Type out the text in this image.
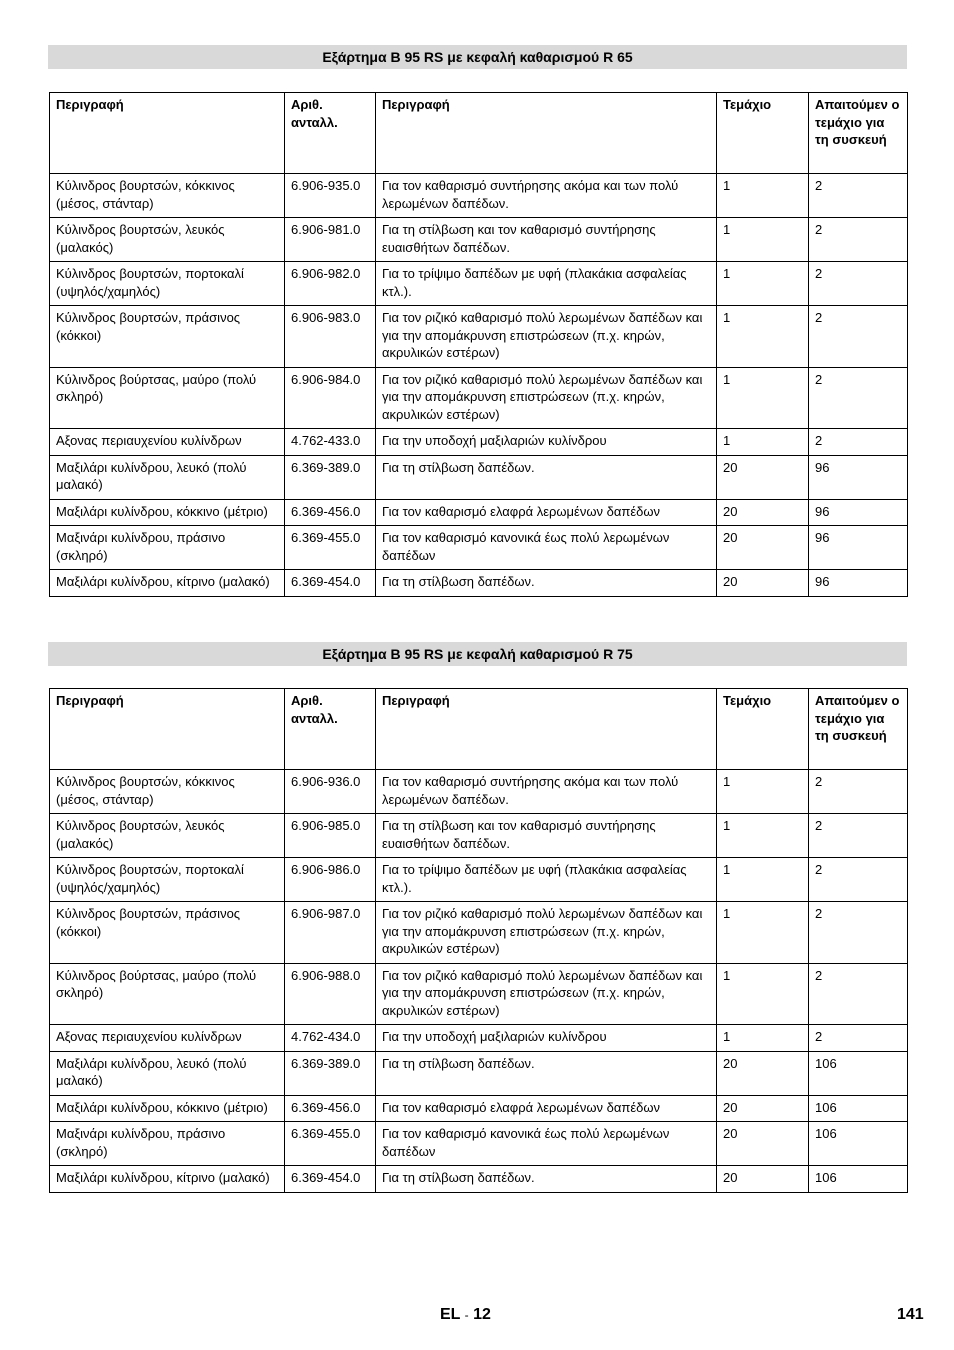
Εξάρτημα B 95 RS με κεφαλή καθαρισμού R 65
Περιγραφή	Αριθ. ανταλλ.	Περιγραφή	Τεμάχιο	Απαιτούμεν ο τεμάχιο για τη συσκευή
Κύλινδρος βουρτσών, κόκκινος (μέσος, στάνταρ)	6.906-935.0	Για τον καθαρισμό συντήρησης ακόμα και των πολύ λερωμένων δαπέδων.	1	2
Κύλινδρος βουρτσών, λευκός (μαλακός)	6.906-981.0	Για τη στίλβωση και τον καθαρισμό συντήρησης ευαισθήτων δαπέδων.	1	2
Κύλινδρος βουρτσών, πορτοκαλί (υψηλός/χαμηλός)	6.906-982.0	Για το τρίψιμο δαπέδων με υφή (πλακάκια ασφαλείας κτλ.).	1	2
Κύλινδρος βουρτσών, πράσινος (κόκκοι)	6.906-983.0	Για τον ριζικό καθαρισμό πολύ λερωμένων δαπέδων και για την απομάκρυνση επιστρώσεων (π.χ. κηρών, ακρυλικών εστέρων)	1	2
Κύλινδρος βούρτσας, μαύρο (πολύ σκληρό)	6.906-984.0	Για τον ριζικό καθαρισμό πολύ λερωμένων δαπέδων και για την απομάκρυνση επιστρώσεων (π.χ. κηρών, ακρυλικών εστέρων)	1	2
Αξονας περιαυχενίου κυλίνδρων	4.762-433.0	Για την υποδοχή μαξιλαριών κυλίνδρου	1	2
Μαξιλάρι κυλίνδρου, λευκό (πολύ μαλακό)	6.369-389.0	Για τη στίλβωση δαπέδων.	20	96
Μαξιλάρι κυλίνδρου, κόκκινο (μέτριο)	6.369-456.0	Για τον καθαρισμό ελαφρά λερωμένων δαπέδων	20	96
Μαξινάρι κυλίνδρου, πράσινο (σκληρό)	6.369-455.0	Για τον καθαρισμό κανονικά έως πολύ λερωμένων δαπέδων	20	96
Μαξιλάρι κυλίνδρου, κίτρινο (μαλακό)	6.369-454.0	Για τη στίλβωση δαπέδων.	20	96
Εξάρτημα B 95 RS με κεφαλή καθαρισμού R 75
Περιγραφή	Αριθ. ανταλλ.	Περιγραφή	Τεμάχιο	Απαιτούμεν ο τεμάχιο για τη συσκευή
Κύλινδρος βουρτσών, κόκκινος (μέσος, στάνταρ)	6.906-936.0	Για τον καθαρισμό συντήρησης ακόμα και των πολύ λερωμένων δαπέδων.	1	2
Κύλινδρος βουρτσών, λευκός (μαλακός)	6.906-985.0	Για τη στίλβωση και τον καθαρισμό συντήρησης ευαισθήτων δαπέδων.	1	2
Κύλινδρος βουρτσών, πορτοκαλί (υψηλός/χαμηλός)	6.906-986.0	Για το τρίψιμο δαπέδων με υφή (πλακάκια ασφαλείας κτλ.).	1	2
Κύλινδρος βουρτσών, πράσινος (κόκκοι)	6.906-987.0	Για τον ριζικό καθαρισμό πολύ λερωμένων δαπέδων και για την απομάκρυνση επιστρώσεων (π.χ. κηρών, ακρυλικών εστέρων)	1	2
Κύλινδρος βούρτσας, μαύρο (πολύ σκληρό)	6.906-988.0	Για τον ριζικό καθαρισμό πολύ λερωμένων δαπέδων και για την απομάκρυνση επιστρώσεων (π.χ. κηρών, ακρυλικών εστέρων)	1	2
Αξονας περιαυχενίου κυλίνδρων	4.762-434.0	Για την υποδοχή μαξιλαριών κυλίνδρου	1	2
Μαξιλάρι κυλίνδρου, λευκό (πολύ μαλακό)	6.369-389.0	Για τη στίλβωση δαπέδων.	20	106
Μαξιλάρι κυλίνδρου, κόκκινο (μέτριο)	6.369-456.0	Για τον καθαρισμό ελαφρά λερωμένων δαπέδων	20	106
Μαξινάρι κυλίνδρου, πράσινο (σκληρό)	6.369-455.0	Για τον καθαρισμό κανονικά έως πολύ λερωμένων δαπέδων	20	106
Μαξιλάρι κυλίνδρου, κίτρινο (μαλακό)	6.369-454.0	Για τη στίλβωση δαπέδων.	20	106
EL - 12	141
